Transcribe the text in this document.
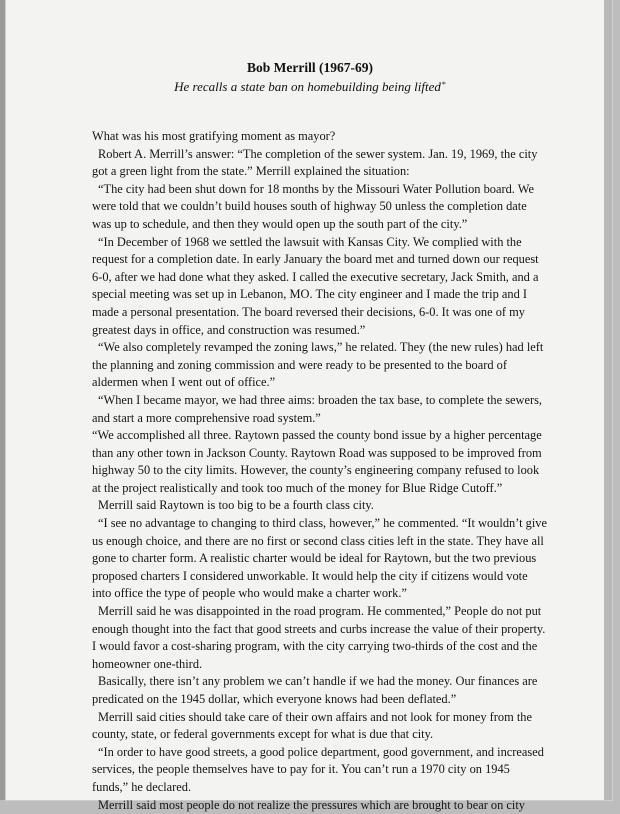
Bob Merrill (1967-69)
He recalls a state ban on homebuilding being lifted*
What was his most gratifying moment as mayor?
Robert A. Merrill’s answer: “The completion of the sewer system. Jan. 19, 1969, the city
got a green light from the state.” Merrill explained the situation:
“The city had been shut down for 18 months by the Missouri Water Pollution board. We
were told that we couldn’t build houses south of highway 50 unless the completion date
was up to schedule, and then they would open up the south part of the city.”
“In December of 1968 we settled the lawsuit with Kansas City. We complied with the
request for a completion date. In early January the board met and turned down our request
6-0, after we had done what they asked. I called the executive secretary, Jack Smith, and a
special meeting was set up in Lebanon, MO. The city engineer and I made the trip and I
made a personal presentation. The board reversed their decisions, 6-0. It was one of my
greatest days in office, and construction was resumed.”
“We also completely revamped the zoning laws,” he related. They (the new rules) had left
the planning and zoning commission and were ready to be presented to the board of
aldermen when I went out of office.”
“When I became mayor, we had three aims: broaden the tax base, to complete the sewers,
and start a more comprehensive road system.”
“We accomplished all three. Raytown passed the county bond issue by a higher percentage
than any other town in Jackson County. Raytown Road was supposed to be improved from
highway 50 to the city limits. However, the county’s engineering company refused to look
at the project realistically and took too much of the money for Blue Ridge Cutoff.”
Merrill said Raytown is too big to be a fourth class city.
“I see no advantage to changing to third class, however,” he commented. “It wouldn’t give
us enough choice, and there are no first or second class cities left in the state. They have all
gone to charter form. A realistic charter would be ideal for Raytown, but the two previous
proposed charters I considered unworkable. It would help the city if citizens would vote
into office the type of people who would make a charter work.”
Merrill said he was disappointed in the road program. He commented,” People do not put
enough thought into the fact that good streets and curbs increase the value of their property.
I would favor a cost-sharing program, with the city carrying two-thirds of the cost and the
homeowner one-third.
Basically, there isn’t any problem we can’t handle if we had the money. Our finances are
predicated on the 1945 dollar, which everyone knows had been deflated.”
Merrill said cities should take care of their own affairs and not look for money from the
county, state, or federal governments except for what is due that city.
“In order to have good streets, a good police department, good government, and increased
services, the people themselves have to pay for it. You can’t run a 1970 city on 1945
funds,” he declared.
Merrill said most people do not realize the pressures which are brought to bear on city
